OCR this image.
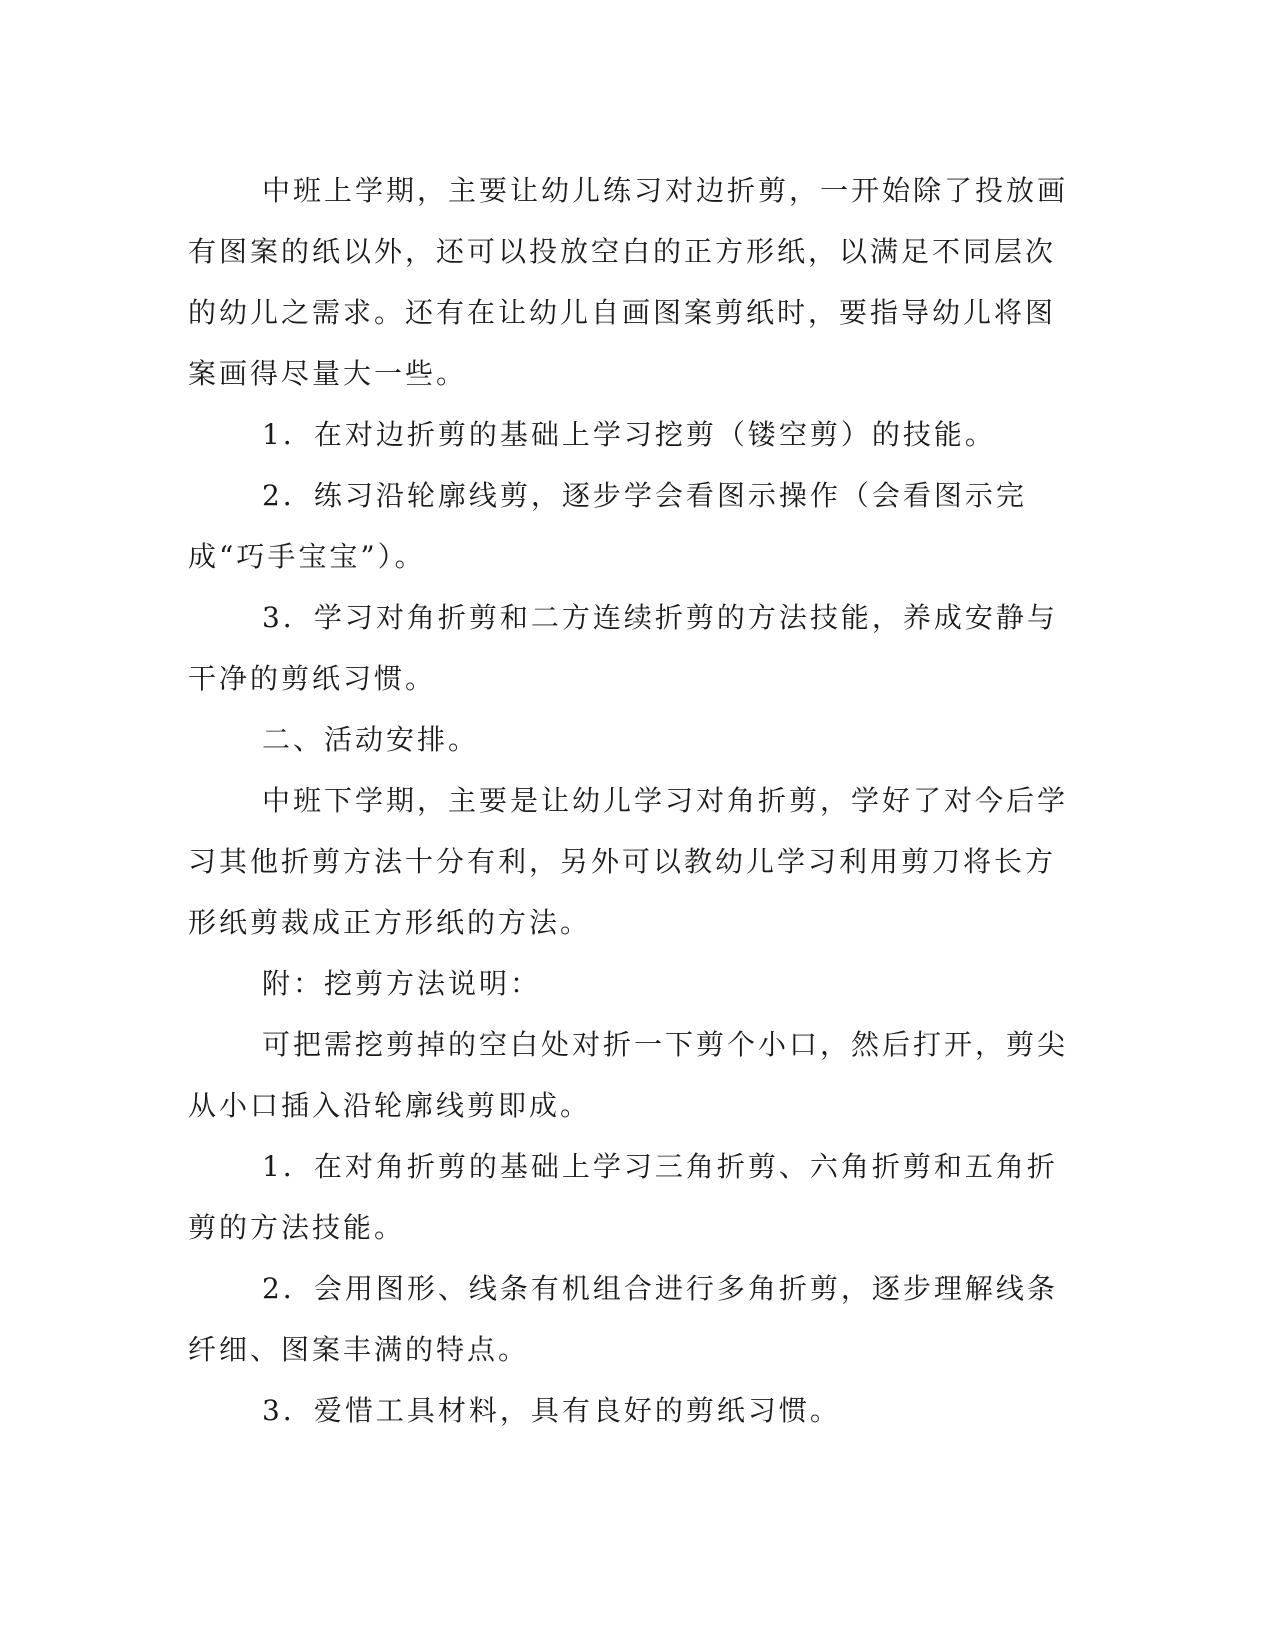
中班上学期，主要让幼儿练习对边折剪，一开始除了投放画有图案的纸以外，还可以投放空白的正方形纸，以满足不同层次的幼儿之需求。还有在让幼儿自画图案剪纸时，要指导幼儿将图案画得尽量大一些。

1．在对边折剪的基础上学习挖剪（镂空剪）的技能。

2．练习沿轮廓线剪，逐步学会看图示操作（会看图示完成“巧手宝宝”）。

3．学习对角折剪和二方连续折剪的方法技能，养成安静与干净的剪纸习惯。

二、活动安排。

中班下学期，主要是让幼儿学习对角折剪，学好了对今后学习其他折剪方法十分有利，另外可以教幼儿学习利用剪刀将长方形纸剪裁成正方形纸的方法。

附：挖剪方法说明：

可把需挖剪掉的空白处对折一下剪个小口，然后打开，剪尖从小口插入沿轮廓线剪即成。

1．在对角折剪的基础上学习三角折剪、六角折剪和五角折剪的方法技能。

2．会用图形、线条有机组合进行多角折剪，逐步理解线条纤细、图案丰满的特点。

3．爱惜工具材料，具有良好的剪纸习惯。
